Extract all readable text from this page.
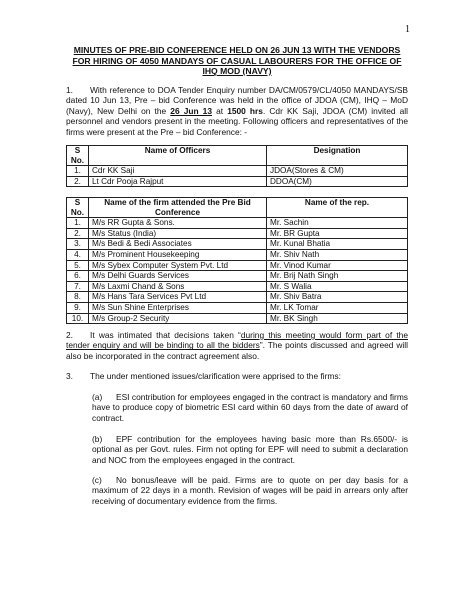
1
MINUTES OF PRE-BID CONFERENCE HELD ON 26 JUN 13 WITH THE VENDORS FOR HIRING OF 4050 MANDAYS OF CASUAL LABOURERS FOR THE OFFICE OF IHQ MOD (NAVY)
1. With reference to DOA Tender Enquiry number DA/CM/0579/CL/4050 MANDAYS/SB dated 10 Jun 13, Pre – bid Conference was held in the office of JDOA (CM), IHQ – MoD (Navy), New Delhi on the 26 Jun 13 at 1500 hrs. Cdr KK Saji, JDOA (CM) invited all personnel and vendors present in the meeting. Following officers and representatives of the firms were present at the Pre – bid Conference: -
S No.	Name of Officers	Designation
1.	Cdr KK Saji	JDOA(Stores & CM)
2.	Lt Cdr Pooja Rajput	DDOA(CM)
S No.	Name of the firm attended the Pre Bid Conference	Name of the rep.
1.	M/s RR Gupta & Sons.	Mr. Sachin
2.	M/s Status (India)	Mr. BR Gupta
3.	M/s Bedi & Bedi Associates	Mr. Kunal Bhatia
4.	M/s Prominent Housekeeping	Mr. Shiv Nath
5.	M/s Sybex Computer System Pvt. Ltd	Mr. Vinod Kumar
6.	M/s Delhi Guards Services	Mr. Brij Nath Singh
7.	M/s Laxmi Chand & Sons	Mr. S Walia
8.	M/s Hans Tara Services Pvt Ltd	Mr. Shiv Batra
9.	M/s Sun Shine Enterprises	Mr. LK Tomar
10.	M/s Group-2 Security	Mr. BK Singh
2. It was intimated that decisions taken “during this meeting would form part of the tender enquiry and will be binding to all the bidders”. The points discussed and agreed will also be incorporated in the contract agreement also.
3. The under mentioned issues/clarification were apprised to the firms:
(a) ESI contribution for employees engaged in the contract is mandatory and firms have to produce copy of biometric ESI card within 60 days from the date of award of contract.
(b) EPF contribution for the employees having basic more than Rs.6500/- is optional as per Govt. rules. Firm not opting for EPF will need to submit a declaration and NOC from the employees engaged in the contract.
(c) No bonus/leave will be paid. Firms are to quote on per day basis for a maximum of 22 days in a month. Revision of wages will be paid in arrears only after receiving of documentary evidence from the firms.
